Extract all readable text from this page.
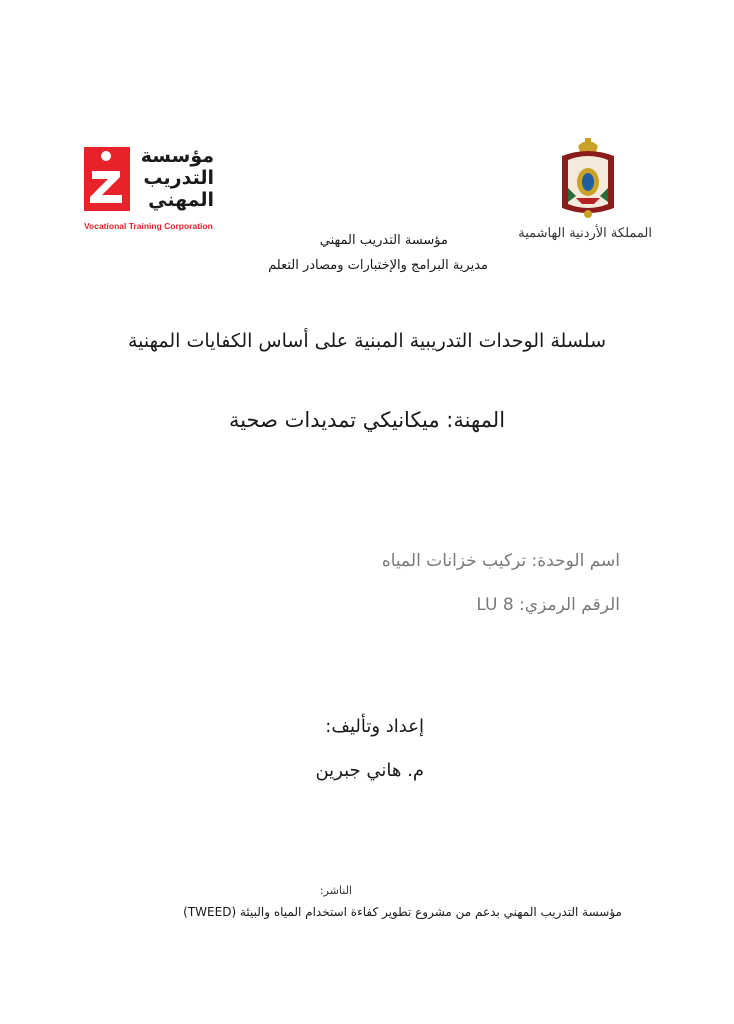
مؤسسة
التدريب
المهني
Vocational Training Corporation	المملكة الأردنية الهاشمية
مؤسسة التدريب المهني
مديرية البرامج والإختبارات ومصادر التعلم
سلسلة الوحدات التدريبية المبنية على أساس الكفايات المهنية
المهنة: ميكانيكي تمديدات صحية
اسم الوحدة: تركيب خزانات المياه
الرقم الرمزي: 8 LU
إعداد وتأليف:
م. هاني جبرين
الناشر:
مؤسسة التدريب المهني بدعم من مشروع تطوير كفاءة استخدام المياه والبيئة (TWEED)
